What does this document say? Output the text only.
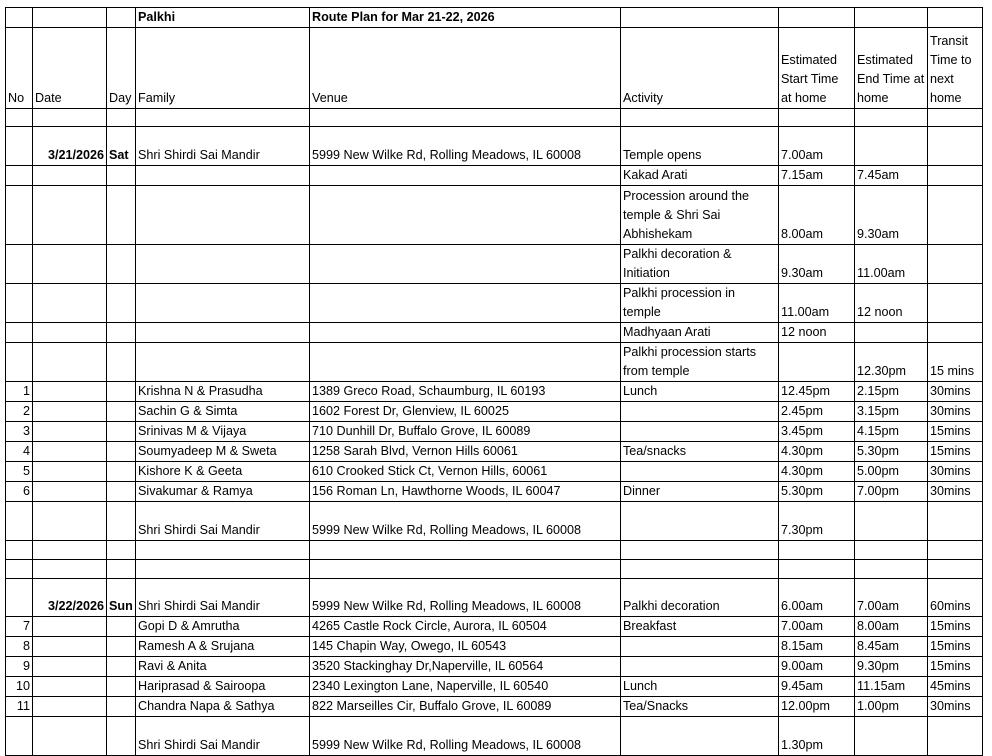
			Palkhi	Route Plan for Mar 21-22, 2026				
No	Date	Day	Family	Venue	Activity	Estimated Start Time at home	Estimated End Time at home	Transit Time to next home

	3/21/2026	Sat	Shri Shirdi Sai Mandir	5999 New Wilke Rd, Rolling Meadows, IL 60008	Temple opens	7.00am		
					Kakad Arati	7.15am	7.45am	
					Procession around the temple & Shri Sai Abhishekam	8.00am	9.30am	
					Palkhi decoration & Initiation	9.30am	11.00am	
					Palkhi procession in temple	11.00am	12 noon	
					Madhyaan Arati	12 noon		
					Palkhi procession starts from temple		12.30pm	15 mins
1			Krishna N & Prasudha	1389 Greco Road, Schaumburg, IL 60193	Lunch	12.45pm	2.15pm	30mins
2			Sachin G & Simta	1602 Forest Dr, Glenview, IL 60025		2.45pm	3.15pm	30mins
3			Srinivas M & Vijaya	710 Dunhill Dr, Buffalo Grove, IL 60089		3.45pm	4.15pm	15mins
4			Soumyadeep M & Sweta	1258 Sarah Blvd, Vernon Hills 60061	Tea/snacks	4.30pm	5.30pm	15mins
5			Kishore K & Geeta	610 Crooked Stick Ct, Vernon Hills, 60061		4.30pm	5.00pm	30mins
6			Sivakumar & Ramya	156 Roman Ln, Hawthorne Woods, IL 60047	Dinner	5.30pm	7.00pm	30mins
			Shri Shirdi Sai Mandir	5999 New Wilke Rd, Rolling Meadows, IL 60008		7.30pm		

	3/22/2026	Sun	Shri Shirdi Sai Mandir	5999 New Wilke Rd, Rolling Meadows, IL 60008	Palkhi decoration	6.00am	7.00am	60mins
7			Gopi D & Amrutha	4265 Castle Rock Circle, Aurora, IL 60504	Breakfast	7.00am	8.00am	15mins
8			Ramesh A & Srujana	145 Chapin Way, Owego, IL 60543		8.15am	8.45am	15mins
9			Ravi & Anita	3520 Stackinghay Dr,Naperville, IL 60564		9.00am	9.30pm	15mins
10			Hariprasad & Sairoopa	2340 Lexington Lane, Naperville, IL 60540	Lunch	9.45am	11.15am	45mins
11			Chandra Napa & Sathya	822 Marseilles Cir, Buffalo Grove, IL 60089	Tea/Snacks	12.00pm	1.00pm	30mins
			Shri Shirdi Sai Mandir	5999 New Wilke Rd, Rolling Meadows, IL 60008		1.30pm		
